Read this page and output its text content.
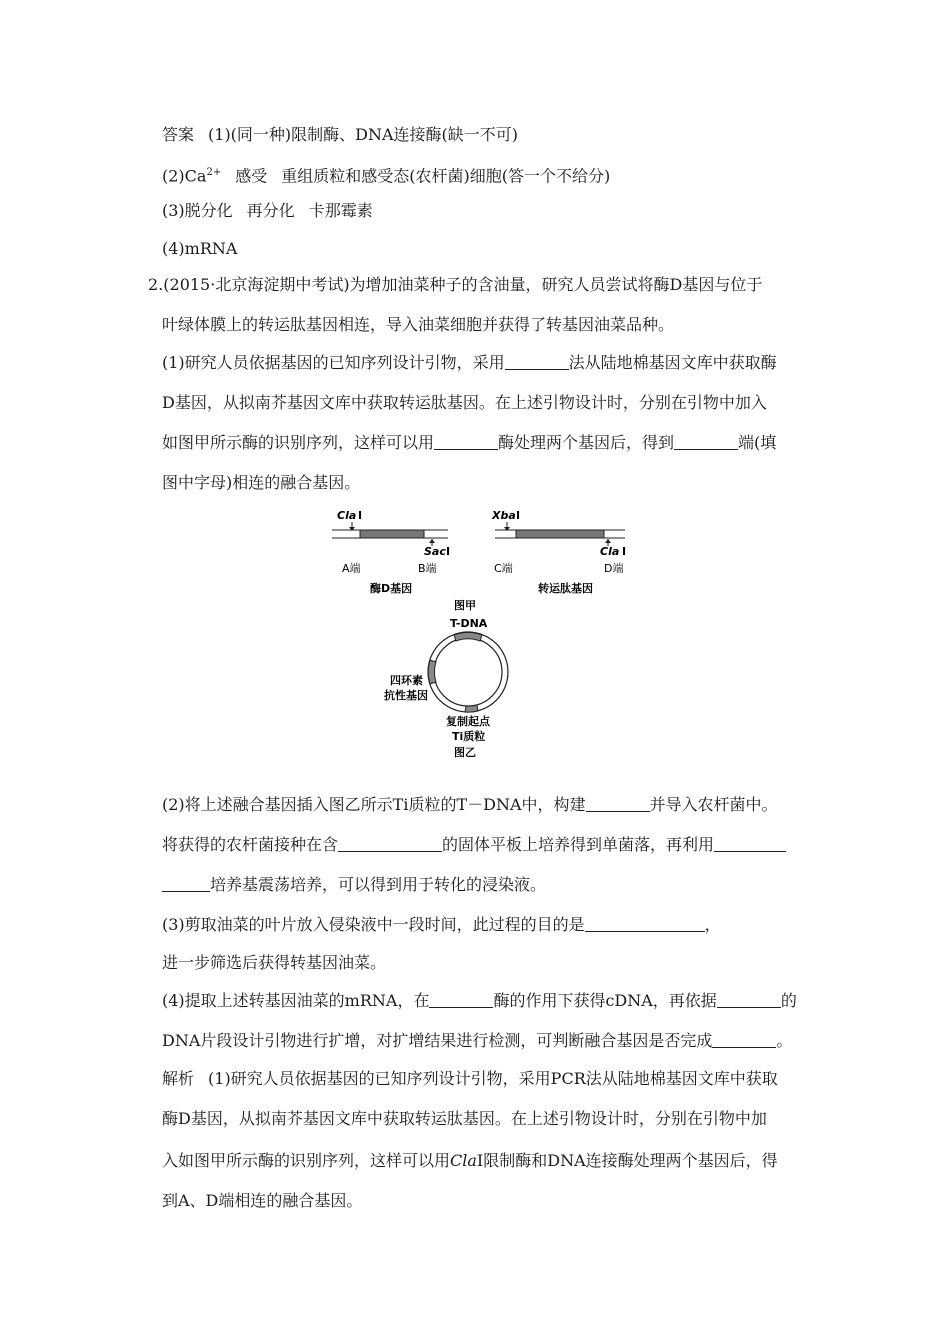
答案 (1)(同一种)限制酶、DNA连接酶(缺一不可)
$(2)Ca^{2+}$ 感受 重组质粒和感受态(农杆菌)细胞(答一个不给分)
(3)脱分化 再分化 卡那霉素
(4)mRNA
2.(2015·北京海淀期中考试)为增加油菜种子的含油量，研究人员尝试将酶D基因与位于
叶绿体膜上的转运肽基因相连，导入油菜细胞并获得了转基因油菜品种。
(1)研究人员依据基因的已知序列设计引物，采用	法从陆地棉基因文库中获取酶
D基因，从拟南芥基因文库中获取转运肽基因。在上述引物设计时，分别在引物中加入
如图甲所示酶的识别序列，这样可以用	酶处理两个基因后，得到	端(填
图中字母)相连的融合基因。
Cla Ⅰ
Sac Ⅰ
A端	B端
酶D基因
Xba Ⅰ
Cla Ⅰ
C端	D端
转运肽基因
图甲
T-DNA
四环素
抗性基因
复制起点
Ti质粒
图乙
(2)将上述融合基因插入图乙所示Ti质粒的T－DNA中，构建	并导入农杆菌中。
将获得的农杆菌接种在含	的固体平板上培养得到单菌落，再利用
培养基震荡培养，可以得到用于转化的浸染液。
(3)剪取油菜的叶片放入侵染液中一段时间，此过程的目的是	，
进一步筛选后获得转基因油菜。
(4)提取上述转基因油菜的mRNA，在	酶的作用下获得cDNA，再依据	的
DNA片段设计引物进行扩增，对扩增结果进行检测，可判断融合基因是否完成	。
解析 (1)研究人员依据基因的已知序列设计引物，采用PCR法从陆地棉基因文库中获取
酶D基因，从拟南芥基因文库中获取转运肽基因。在上述引物设计时，分别在引物中加
入如图甲所示酶的识别序列，这样可以用ClaI限制酶和DNA连接酶处理两个基因后，得
到A、D端相连的融合基因。
